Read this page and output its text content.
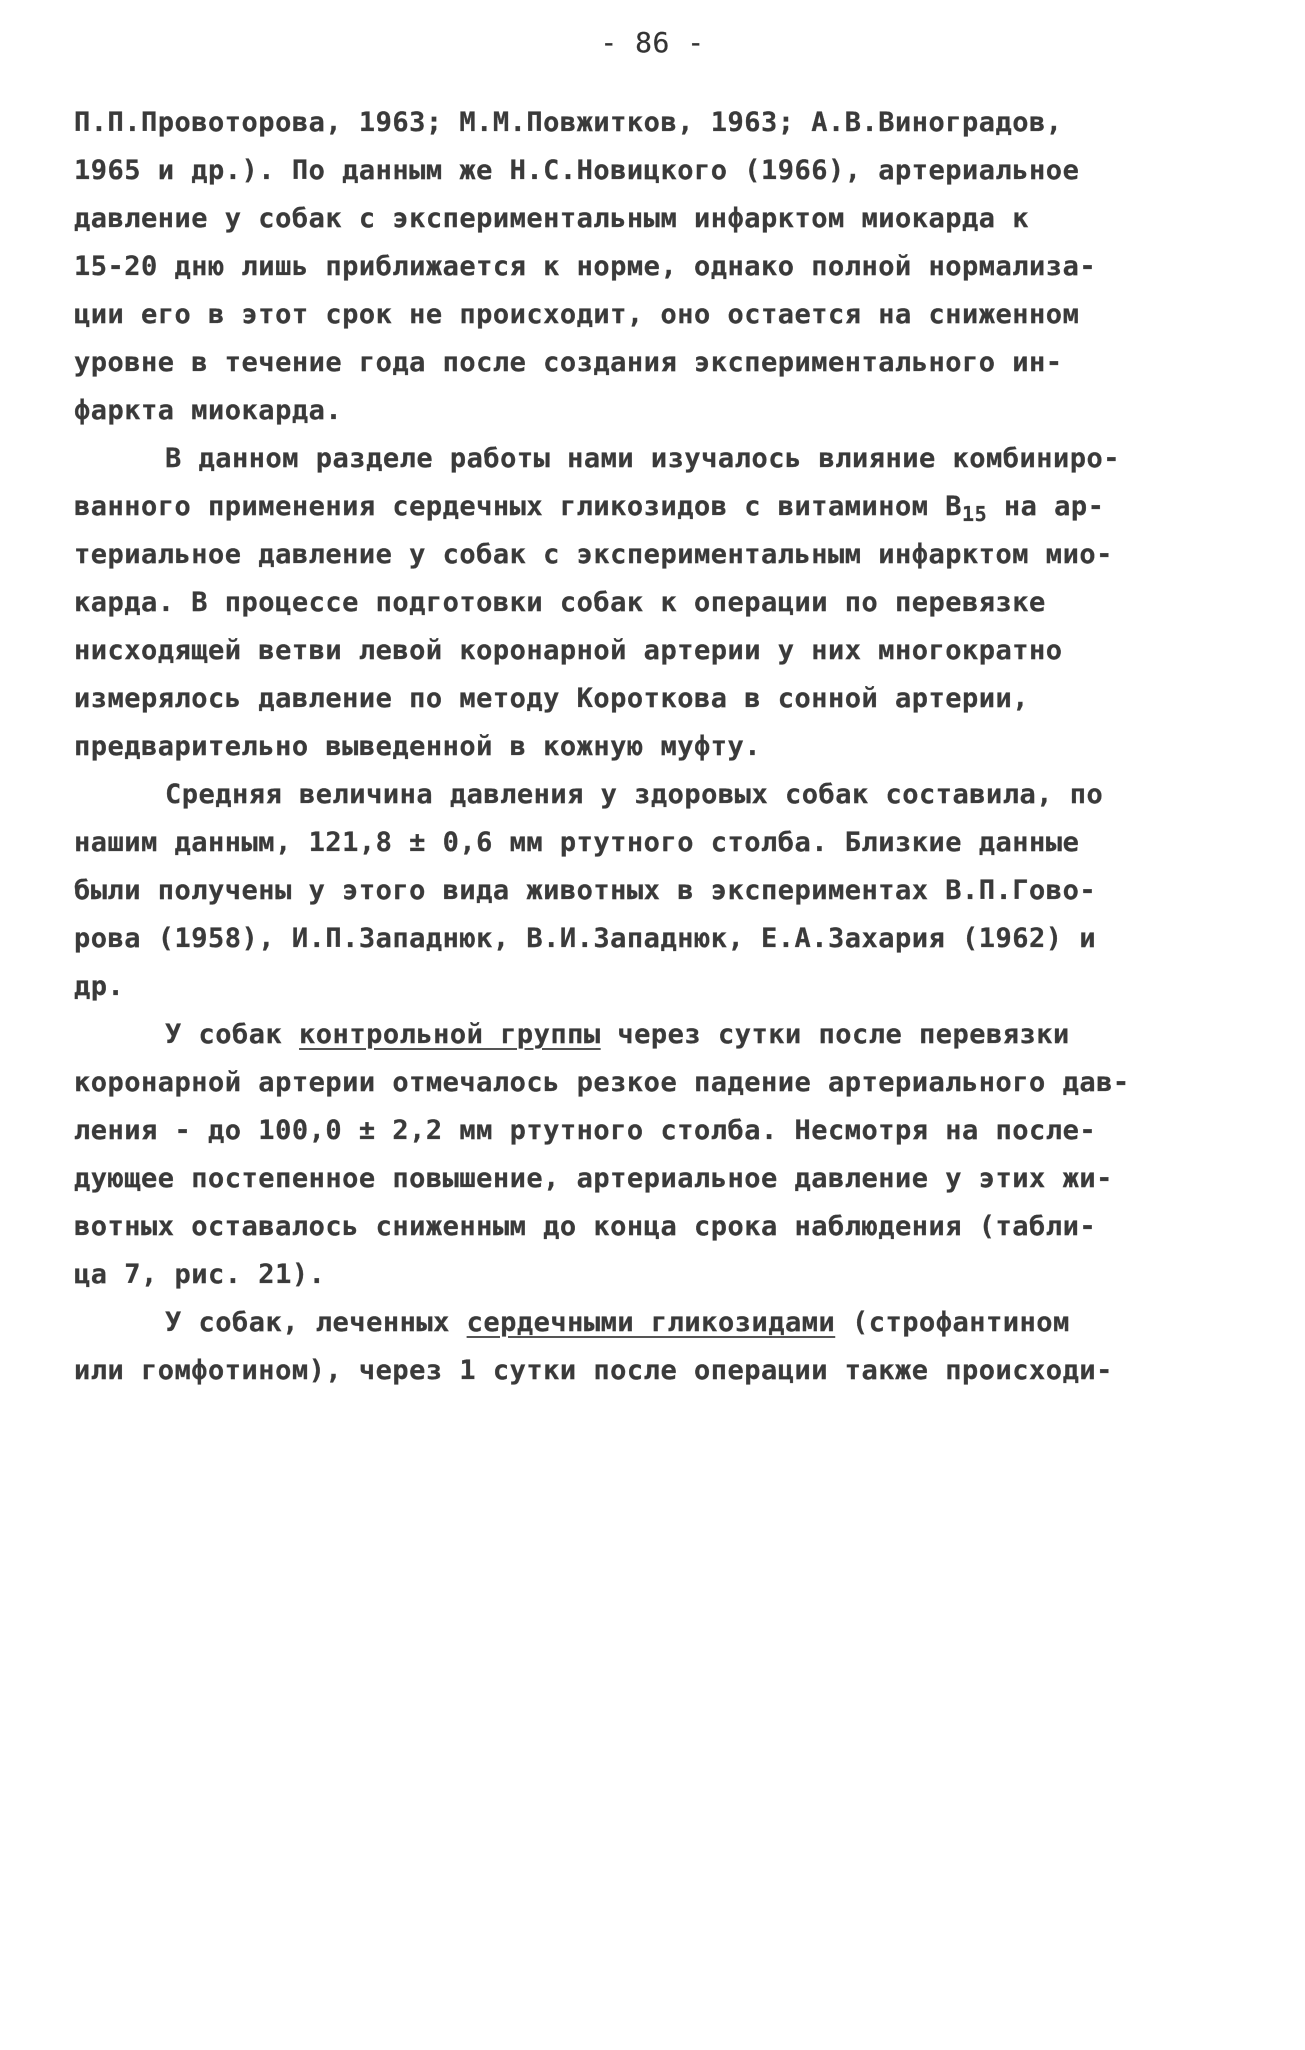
- 86 -
П.П.Провоторова, 1963; М.М.Повжитков, 1963; А.В.Виноградов,
1965 и др.). По данным же Н.С.Новицкого (1966), артериальное
давление у собак с экспериментальным инфарктом миокарда к
15-20 дню лишь приближается к норме, однако полной нормализа-
ции его в этот срок не происходит, оно остается на сниженном
уровне в течение года после создания экспериментального ин-
фаркта миокарда.
В данном разделе работы нами изучалось влияние комбиниро-
ванного применения сердечных гликозидов с витамином $B_{15}$ на ар-
териальное давление у собак с экспериментальным инфарктом мио-
карда. В процессе подготовки собак к операции по перевязке
нисходящей ветви левой коронарной артерии у них многократно
измерялось давление по методу Короткова в сонной артерии,
предварительно выведенной в кожную муфту.
Средняя величина давления у здоровых собак составила, по
нашим данным, 121,8 ± 0,6 мм ртутного столба. Близкие данные
были получены у этого вида животных в экспериментах В.П.Гово-
рова (1958), И.П.Западнюк, В.И.Западнюк, Е.А.Захария (1962) и
др.
У собак контрольной группы через сутки после перевязки
коронарной артерии отмечалось резкое падение артериального дав-
ления - до 100,0 ± 2,2 мм ртутного столба. Несмотря на после-
дующее постепенное повышение, артериальное давление у этих жи-
вотных оставалось сниженным до конца срока наблюдения (табли-
ца 7, рис. 21).
У собак, леченных сердечными гликозидами (строфантином
или гомфотином), через 1 сутки после операции также происходи-
